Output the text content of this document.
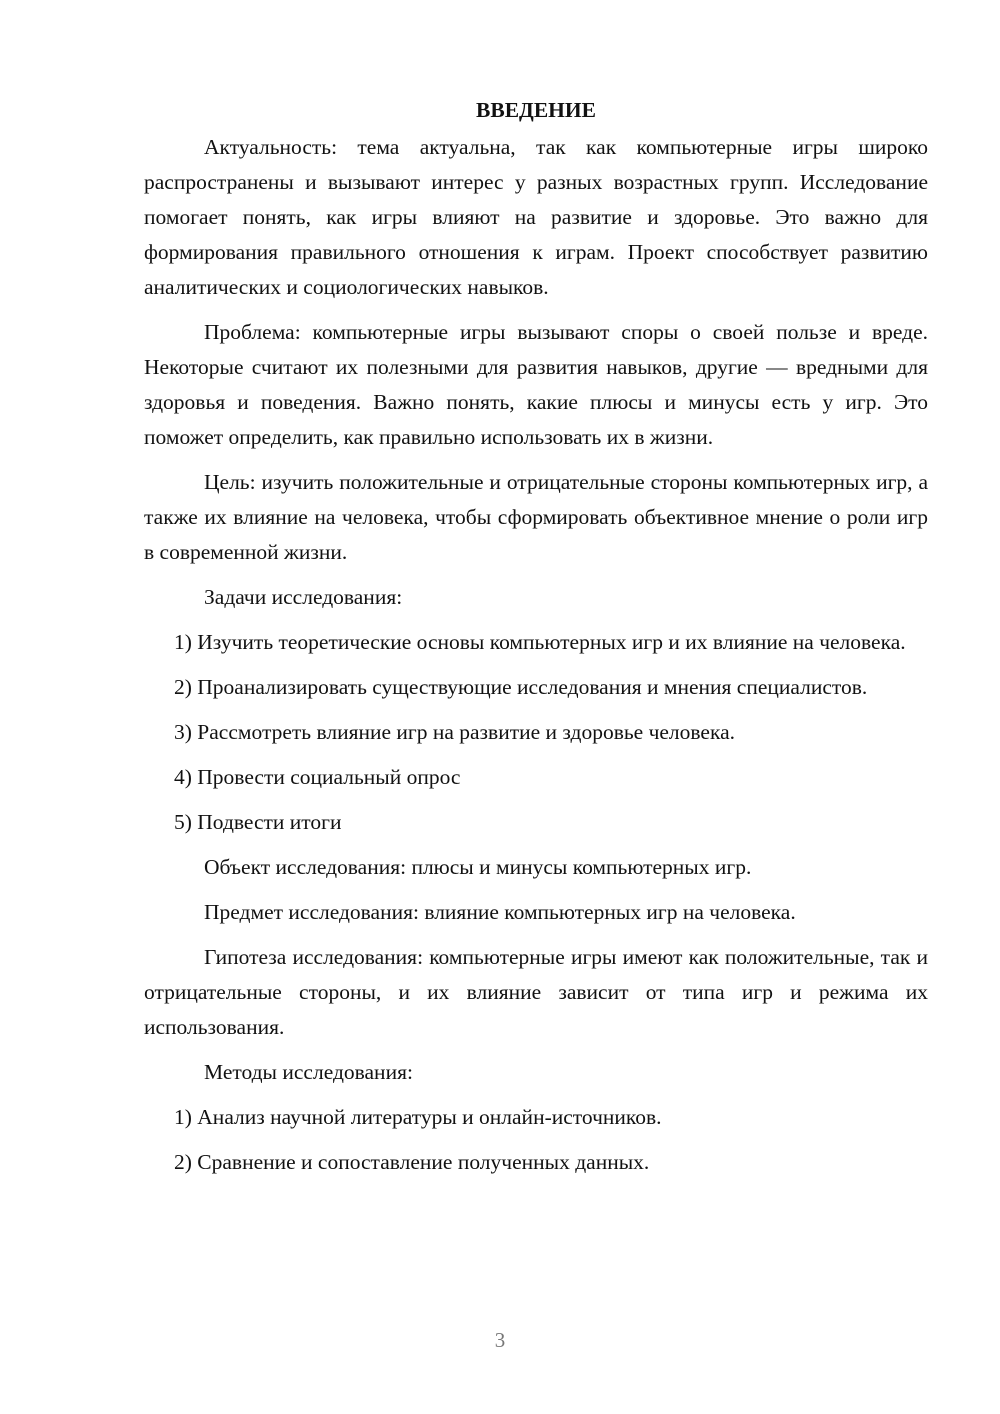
ВВЕДЕНИЕ

Актуальность: тема актуальна, так как компьютерные игры широко распространены и вызывают интерес у разных возрастных групп. Исследование помогает понять, как игры влияют на развитие и здоровье. Это важно для формирования правильного отношения к играм. Проект способствует развитию аналитических и социологических навыков.

Проблема: компьютерные игры вызывают споры о своей пользе и вреде. Некоторые считают их полезными для развития навыков, другие — вредными для здоровья и поведения. Важно понять, какие плюсы и минусы есть у игр. Это поможет определить, как правильно использовать их в жизни.

Цель: изучить положительные и отрицательные стороны компьютерных игр, а также их влияние на человека, чтобы сформировать объективное мнение о роли игр в современной жизни.

Задачи исследования:

1) Изучить теоретические основы компьютерных игр и их влияние на человека.

2) Проанализировать существующие исследования и мнения специалистов.

3) Рассмотреть влияние игр на развитие и здоровье человека.

4) Провести социальный опрос

5) Подвести итоги

Объект исследования: плюсы и минусы компьютерных игр.

Предмет исследования: влияние компьютерных игр на человека.

Гипотеза исследования: компьютерные игры имеют как положительные, так и отрицательные стороны, и их влияние зависит от типа игр и режима их использования.

Методы исследования:

1) Анализ научной литературы и онлайн-источников.

2) Сравнение и сопоставление полученных данных.

3
